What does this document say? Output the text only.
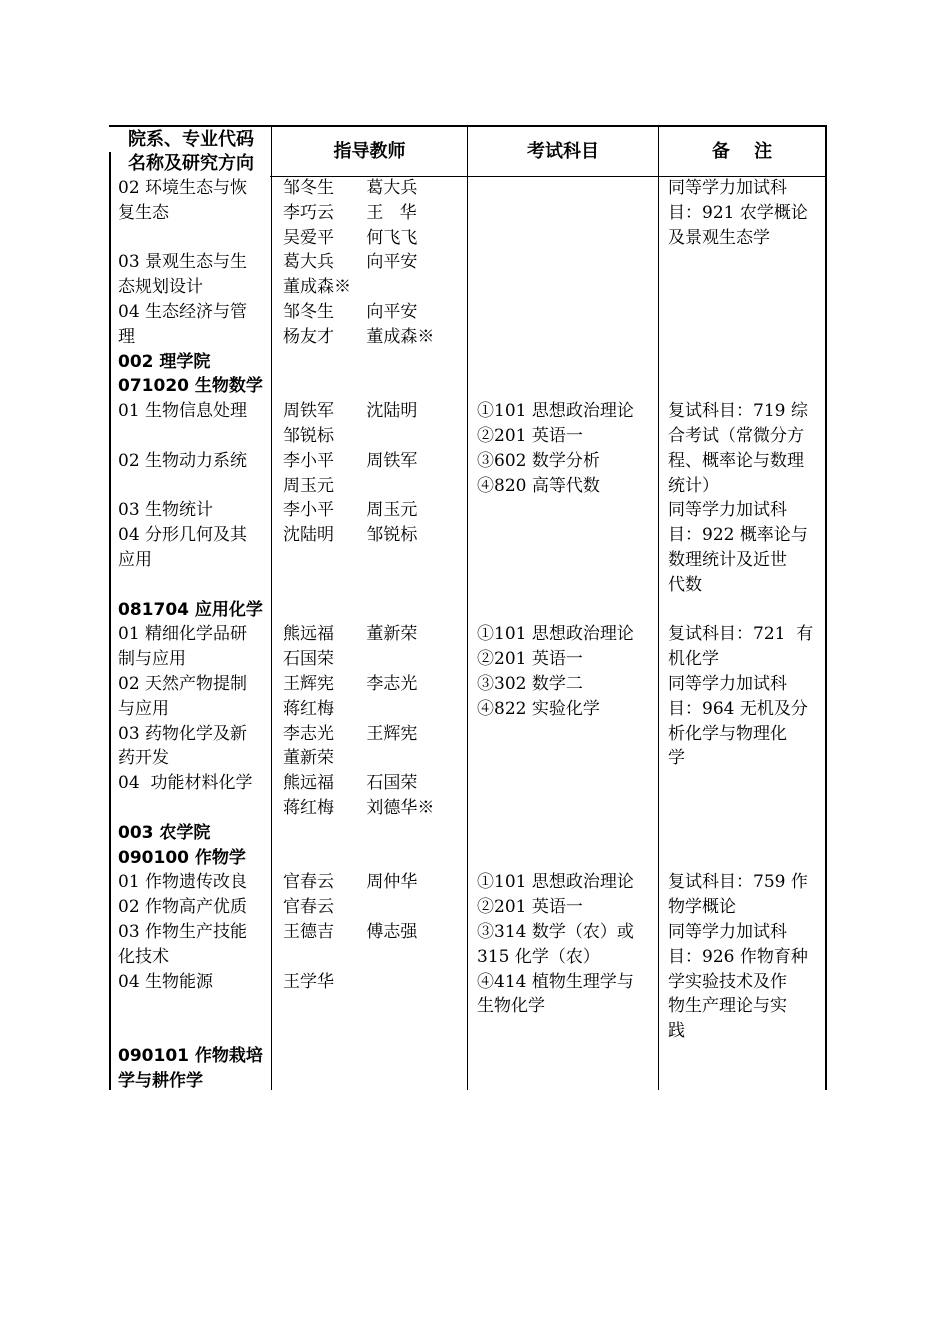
院系、专业代码
名称及研究方向
指导教师	考试科目	备　 注
02 环境生态与恢
复生态
03 景观生态与生
态规划设计
04 生态经济与管
理
002 理学院
071020 生物数学
01 生物信息处理
02 生物动力系统
03 生物统计
04 分形几何及其
应用
081704 应用化学
01 精细化学品研
制与应用
02 天然产物提制
与应用
03 药物化学及新
药开发
04  功能材料化学
003 农学院
090100 作物学
01 作物遗传改良
02 作物高产优质
03 作物生产技能
化技术
04 生物能源
090101 作物栽培
学与耕作学
邹冬生      葛大兵
李巧云      王   华
吴爱平      何飞飞
葛大兵      向平安
董成森※
邹冬生      向平安
杨友才      董成森※
周铁军      沈陆明
邹锐标
李小平      周铁军
周玉元
李小平      周玉元
沈陆明      邹锐标
熊远福      董新荣
石国荣
王辉宪      李志光
蒋红梅
李志光      王辉宪
董新荣
熊远福      石国荣
蒋红梅      刘德华※
官春云      周仲华
官春云
王德吉      傅志强
王学华
①101 思想政治理论
②201 英语一
③602 数学分析
④820 高等代数
①101 思想政治理论
②201 英语一
③302 数学二
④822 实验化学
①101 思想政治理论
②201 英语一
③314 数学（农）或
315 化学（农）
④414 植物生理学与
生物化学
同等学力加试科
目：921 农学概论
及景观生态学
复试科目：719 综
合考试（常微分方
程、概率论与数理
统计）
同等学力加试科
目：922 概率论与
数理统计及近世
代数
复试科目：721  有
机化学
同等学力加试科
目：964 无机及分
析化学与物理化
学
复试科目：759 作
物学概论
同等学力加试科
目：926 作物育种
学实验技术及作
物生产理论与实
践
